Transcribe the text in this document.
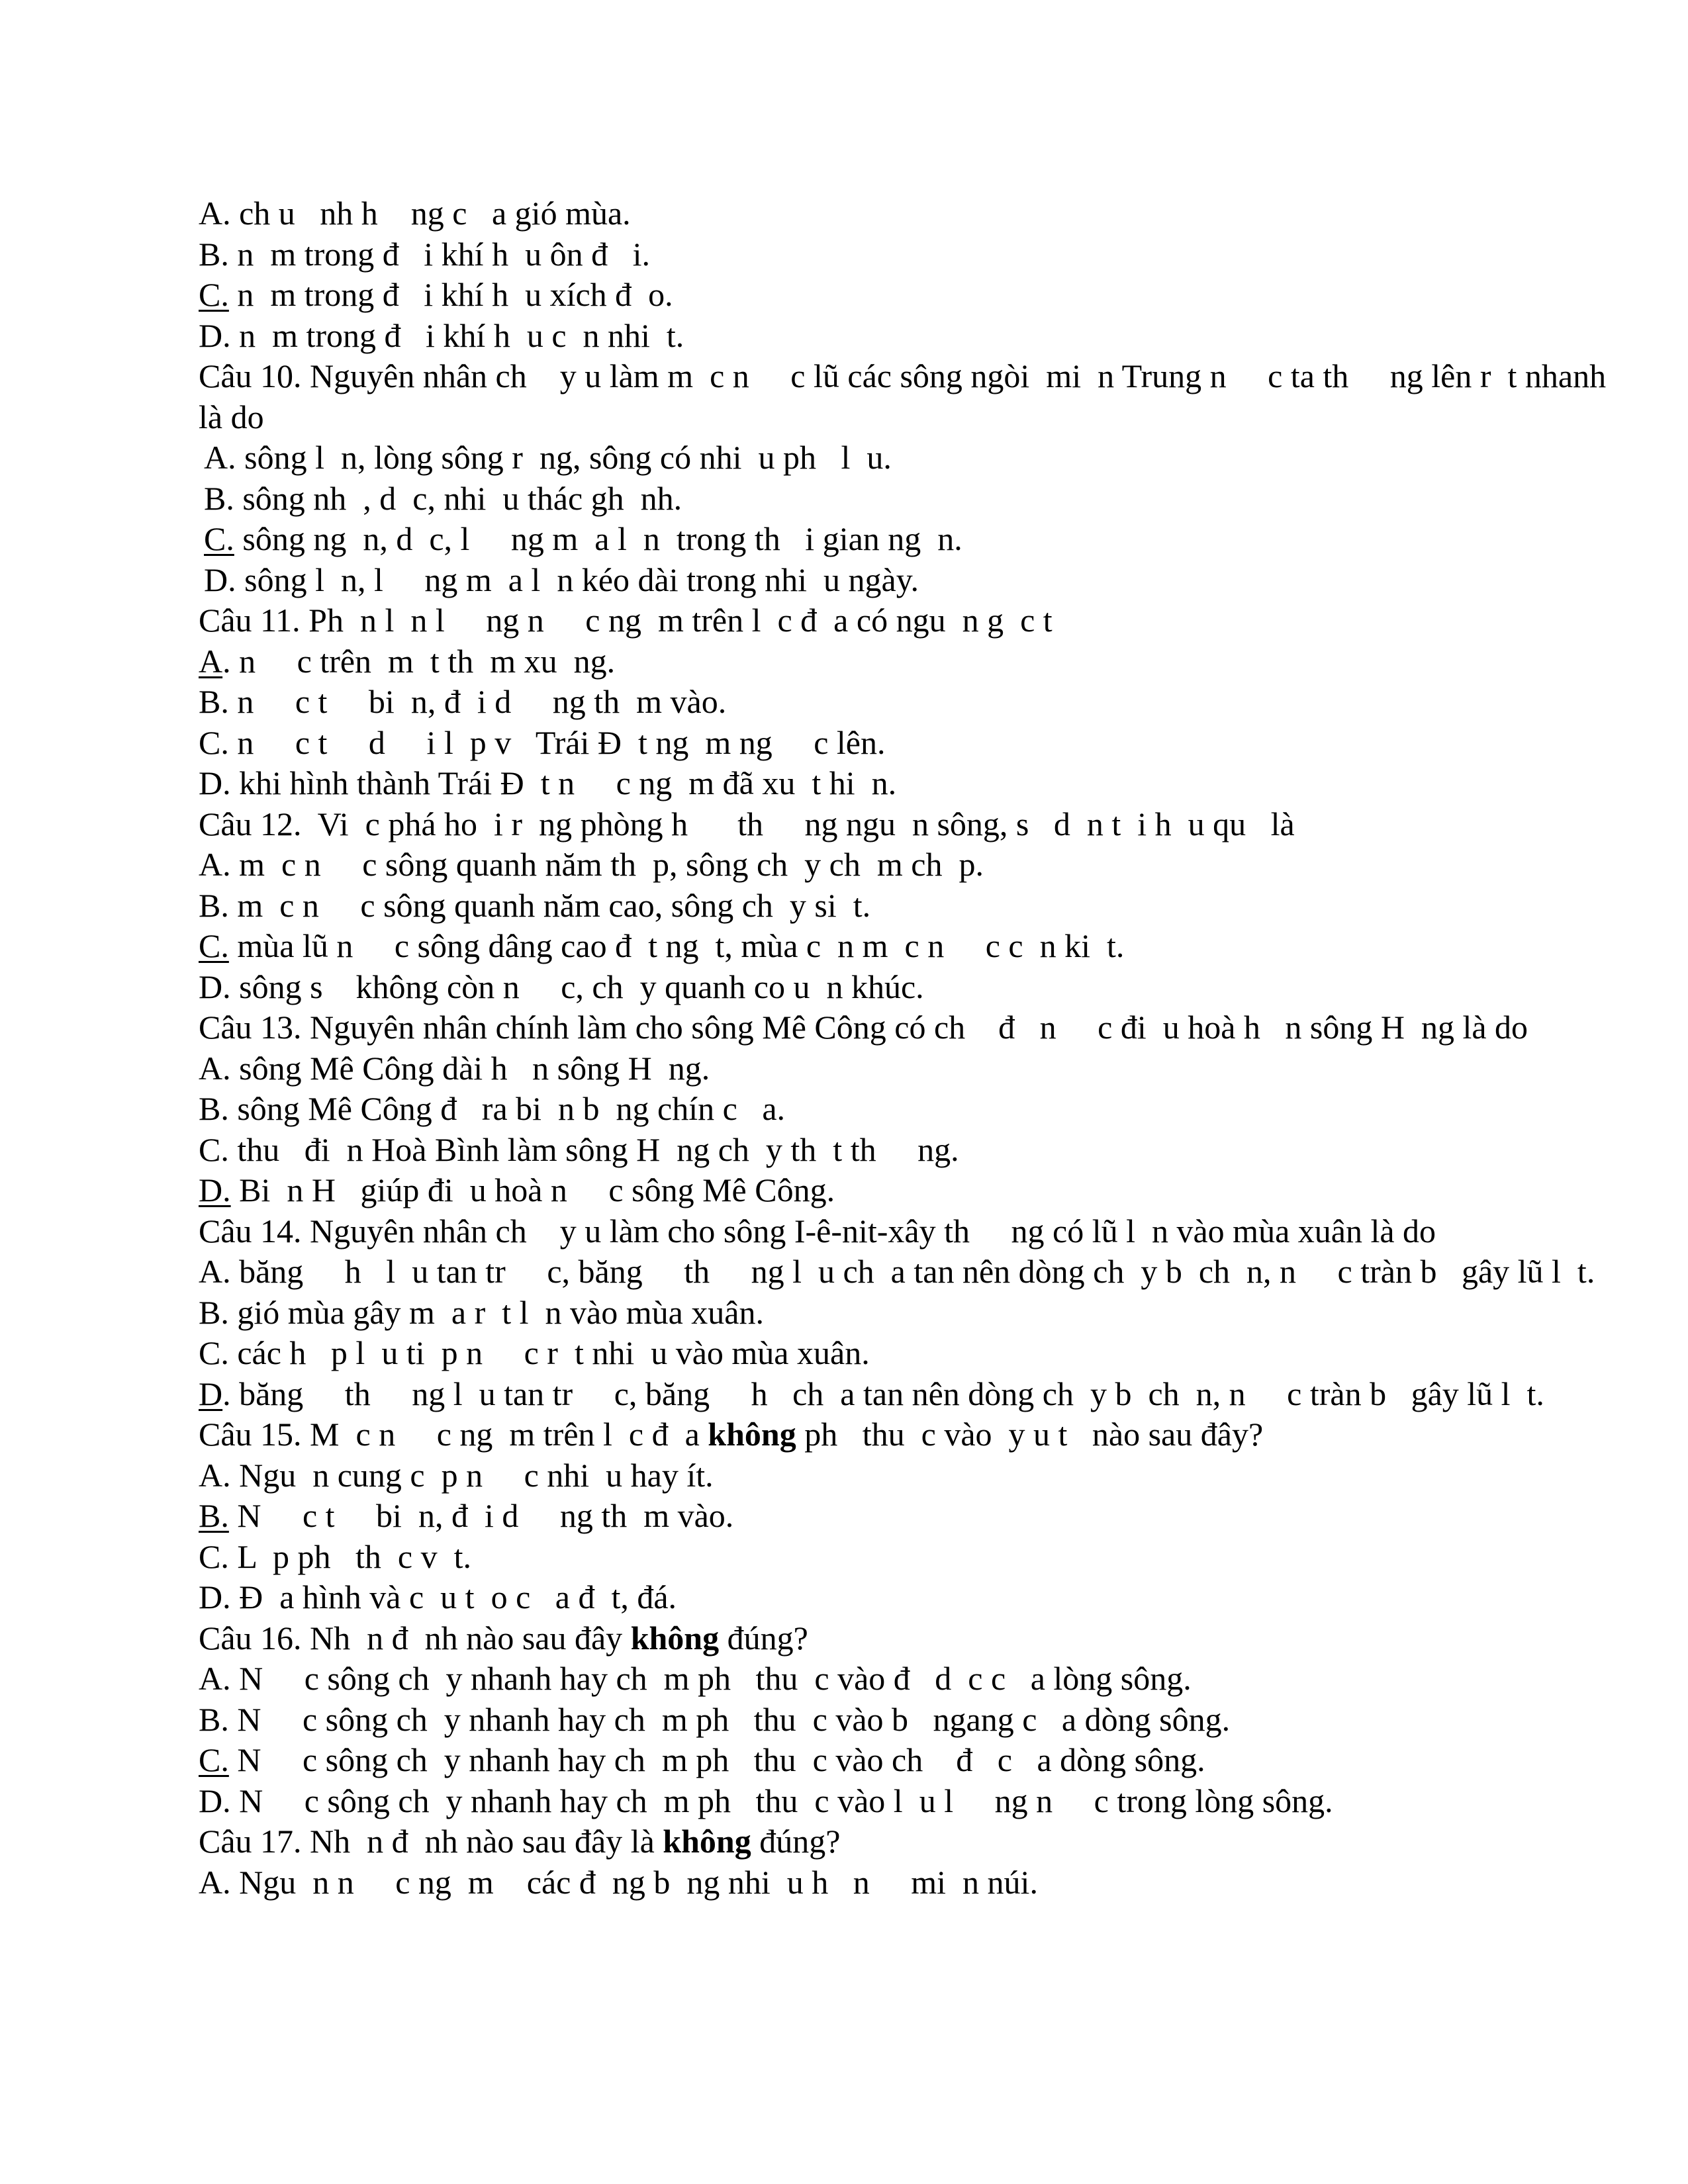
A. ch u   nh h    ng c   a gió mùa.
B. n  m trong đ   i khí h  u ôn đ   i.
C. n  m trong đ   i khí h  u xích đ  o.
D. n  m trong đ   i khí h  u c  n nhi  t.
Câu 10. Nguyên nhân ch    y u làm m  c n     c lũ các sông ngòi  mi  n Trung n     c ta th     ng lên r  t nhanh là do
A. sông l  n, lòng sông r  ng, sông có nhi  u ph   l  u.
B. sông nh  , d  c, nhi  u thác gh  nh.
C. sông ng  n, d  c, l     ng m  a l  n  trong th   i gian ng  n.
D. sông l  n, l     ng m  a l  n kéo dài trong nhi  u ngày.
Câu 11. Ph  n l  n l     ng n     c ng  m trên l  c đ  a có ngu  n g  c t
A. n     c trên  m  t th  m xu  ng.
B. n     c t     bi  n, đ  i d     ng th  m vào.
C. n     c t     d     i l  p v   Trái Đ  t ng  m ng     c lên.
D. khi hình thành Trái Đ  t n     c ng  m đã xu  t hi  n.
Câu 12.  Vi  c phá ho  i r  ng phòng h      th     ng ngu  n sông, s   d  n t  i h  u qu   là
A. m  c n     c sông quanh năm th  p, sông ch  y ch  m ch  p.
B. m  c n     c sông quanh năm cao, sông ch  y si  t.
C. mùa lũ n     c sông dâng cao đ  t ng  t, mùa c  n m  c n     c c  n ki  t.
D. sông s    không còn n     c, ch  y quanh co u  n khúc.
Câu 13. Nguyên nhân chính làm cho sông Mê Công có ch    đ   n     c đi  u hoà h   n sông H  ng là do
A. sông Mê Công dài h   n sông H  ng.
B. sông Mê Công đ   ra bi  n b  ng chín c   a.
C. thu   đi  n Hoà Bình làm sông H  ng ch  y th  t th     ng.
D. Bi  n H   giúp đi  u hoà n     c sông Mê Công.
Câu 14. Nguyên nhân ch    y u làm cho sông I-ê-nit-xây th     ng có lũ l  n vào mùa xuân là do
A. băng     h   l  u tan tr     c, băng     th     ng l  u ch  a tan nên dòng ch  y b  ch  n, n     c tràn b   gây lũ l  t.
B. gió mùa gây m  a r  t l  n vào mùa xuân.
C. các h   p l  u ti  p n     c r  t nhi  u vào mùa xuân.
D. băng     th     ng l  u tan tr     c, băng     h   ch  a tan nên dòng ch  y b  ch  n, n     c tràn b   gây lũ l  t.
Câu 15. M  c n     c ng  m trên l  c đ  a không ph   thu  c vào  y u t   nào sau đây?
A. Ngu  n cung c  p n     c nhi  u hay ít.
B. N     c t     bi  n, đ  i d     ng th  m vào.
C. L  p ph   th  c v  t.
D. Đ  a hình và c  u t  o c   a đ  t, đá.
Câu 16. Nh  n đ  nh nào sau đây không đúng?
A. N     c sông ch  y nhanh hay ch  m ph   thu  c vào đ   d  c c   a lòng sông.
B. N     c sông ch  y nhanh hay ch  m ph   thu  c vào b   ngang c   a dòng sông.
C. N     c sông ch  y nhanh hay ch  m ph   thu  c vào ch    đ   c   a dòng sông.
D. N     c sông ch  y nhanh hay ch  m ph   thu  c vào l  u l     ng n     c trong lòng sông.
Câu 17. Nh  n đ  nh nào sau đây là không đúng?
A. Ngu  n n     c ng  m    các đ  ng b  ng nhi  u h   n     mi  n núi.
